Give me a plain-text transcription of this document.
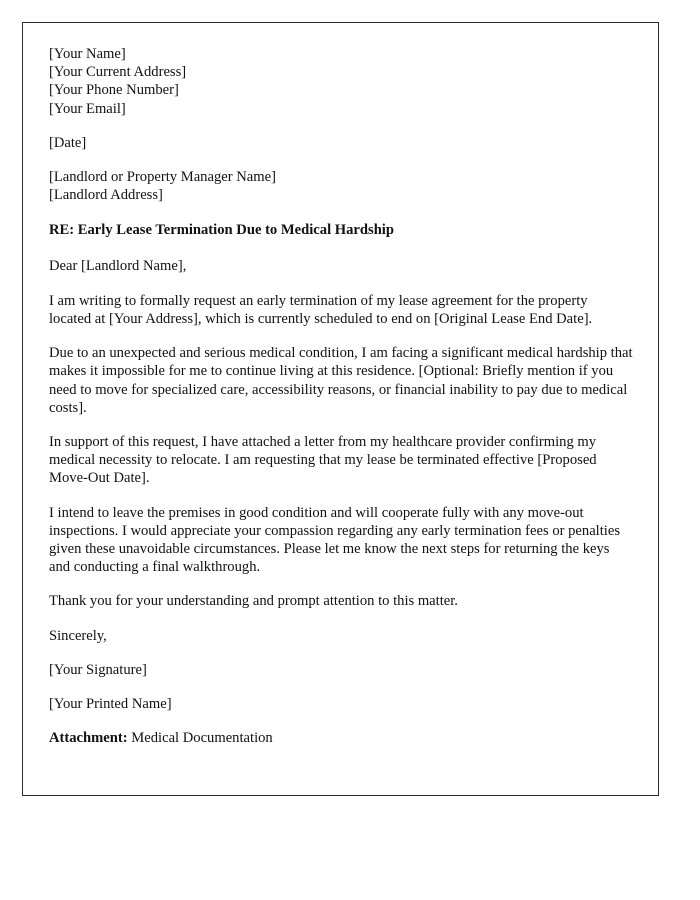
[Your Name]
[Your Current Address]
[Your Phone Number]
[Your Email]
[Date]
[Landlord or Property Manager Name]
[Landlord Address]
RE: Early Lease Termination Due to Medical Hardship
Dear [Landlord Name],
I am writing to formally request an early termination of my lease agreement for the property located at [Your Address], which is currently scheduled to end on [Original Lease End Date].
Due to an unexpected and serious medical condition, I am facing a significant medical hardship that makes it impossible for me to continue living at this residence. [Optional: Briefly mention if you need to move for specialized care, accessibility reasons, or financial inability to pay due to medical costs].
In support of this request, I have attached a letter from my healthcare provider confirming my medical necessity to relocate. I am requesting that my lease be terminated effective [Proposed Move-Out Date].
I intend to leave the premises in good condition and will cooperate fully with any move-out inspections. I would appreciate your compassion regarding any early termination fees or penalties given these unavoidable circumstances. Please let me know the next steps for returning the keys and conducting a final walkthrough.
Thank you for your understanding and prompt attention to this matter.
Sincerely,
[Your Signature]
[Your Printed Name]
Attachment: Medical Documentation
